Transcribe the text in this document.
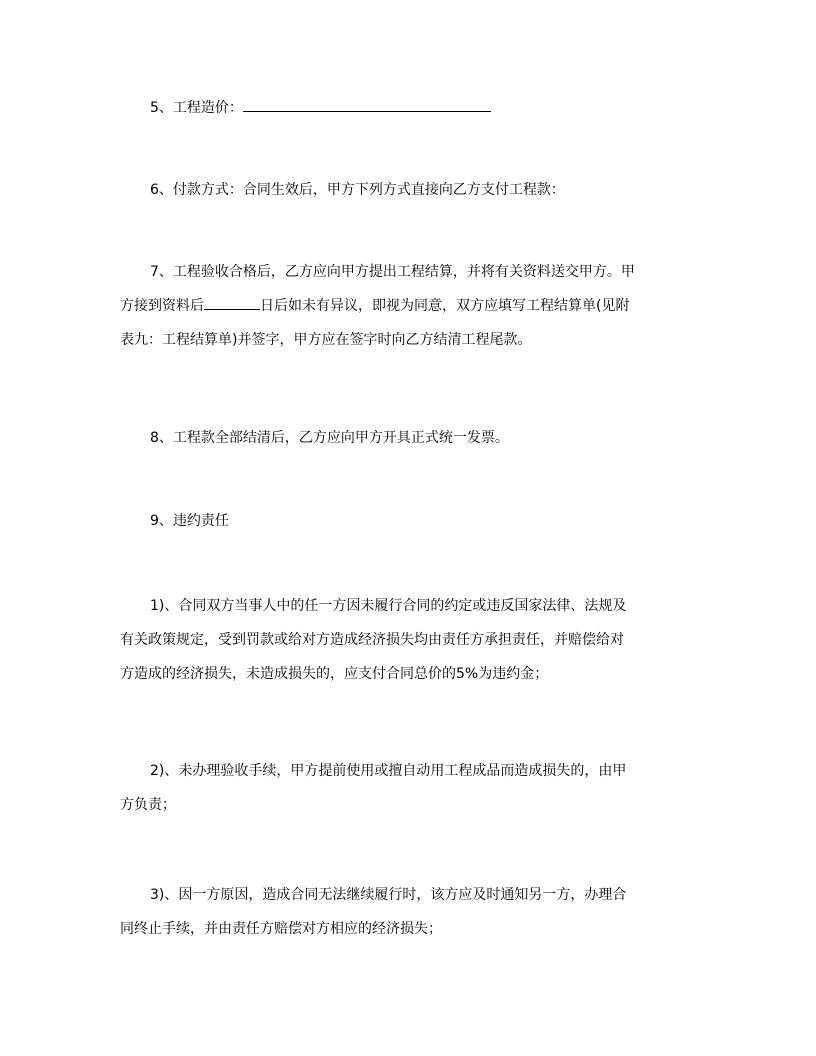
5、工程造价：
6、付款方式：合同生效后，甲方下列方式直接向乙方支付工程款：
7、工程验收合格后，乙方应向甲方提出工程结算，并将有关资料送交甲方。甲
方接到资料后	日后如未有异议，即视为同意，双方应填写工程结算单(见附
表九：工程结算单)并签字，甲方应在签字时向乙方结清工程尾款。
8、工程款全部结清后，乙方应向甲方开具正式统一发票。
9、违约责任
1)、合同双方当事人中的任一方因未履行合同的约定或违反国家法律、法规及
有关政策规定，受到罚款或给对方造成经济损失均由责任方承担责任，并赔偿给对
方造成的经济损失，未造成损失的，应支付合同总价的5%为违约金；
2)、未办理验收手续，甲方提前使用或擅自动用工程成品而造成损失的，由甲
方负责；
3)、因一方原因，造成合同无法继续履行时，该方应及时通知另一方，办理合
同终止手续，并由责任方赔偿对方相应的经济损失；
